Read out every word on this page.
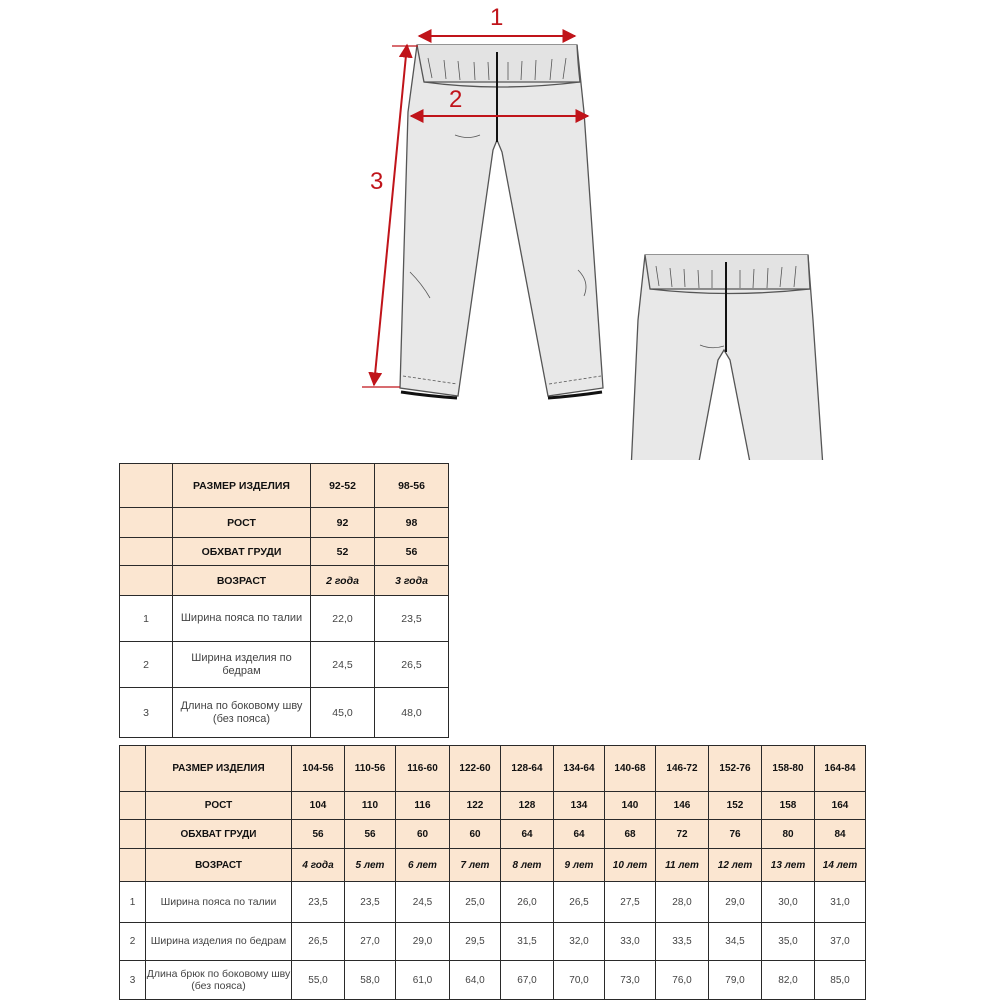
1
2
3
	РАЗМЕР ИЗДЕЛИЯ	92-52	98-56
	РОСТ	92	98
	ОБХВАТ ГРУДИ	52	56
	ВОЗРАСТ	2 года	3 года
1	Ширина пояса по талии	22,0	23,5
2	Ширина изделия по бедрам	24,5	26,5
3	Длина по боковому шву (без пояса)	45,0	48,0
	РАЗМЕР ИЗДЕЛИЯ	104-56	110-56	116-60	122-60	128-64	134-64	140-68	146-72	152-76	158-80	164-84
	РОСТ	104	110	116	122	128	134	140	146	152	158	164
	ОБХВАТ ГРУДИ	56	56	60	60	64	64	68	72	76	80	84
	ВОЗРАСТ	4 года	5 лет	6 лет	7 лет	8 лет	9 лет	10 лет	11 лет	12 лет	13 лет	14 лет
1	Ширина пояса по талии	23,5	23,5	24,5	25,0	26,0	26,5	27,5	28,0	29,0	30,0	31,0
2	Ширина изделия по бедрам	26,5	27,0	29,0	29,5	31,5	32,0	33,0	33,5	34,5	35,0	37,0
3	Длина брюк по боковому шву (без пояса)	55,0	58,0	61,0	64,0	67,0	70,0	73,0	76,0	79,0	82,0	85,0
